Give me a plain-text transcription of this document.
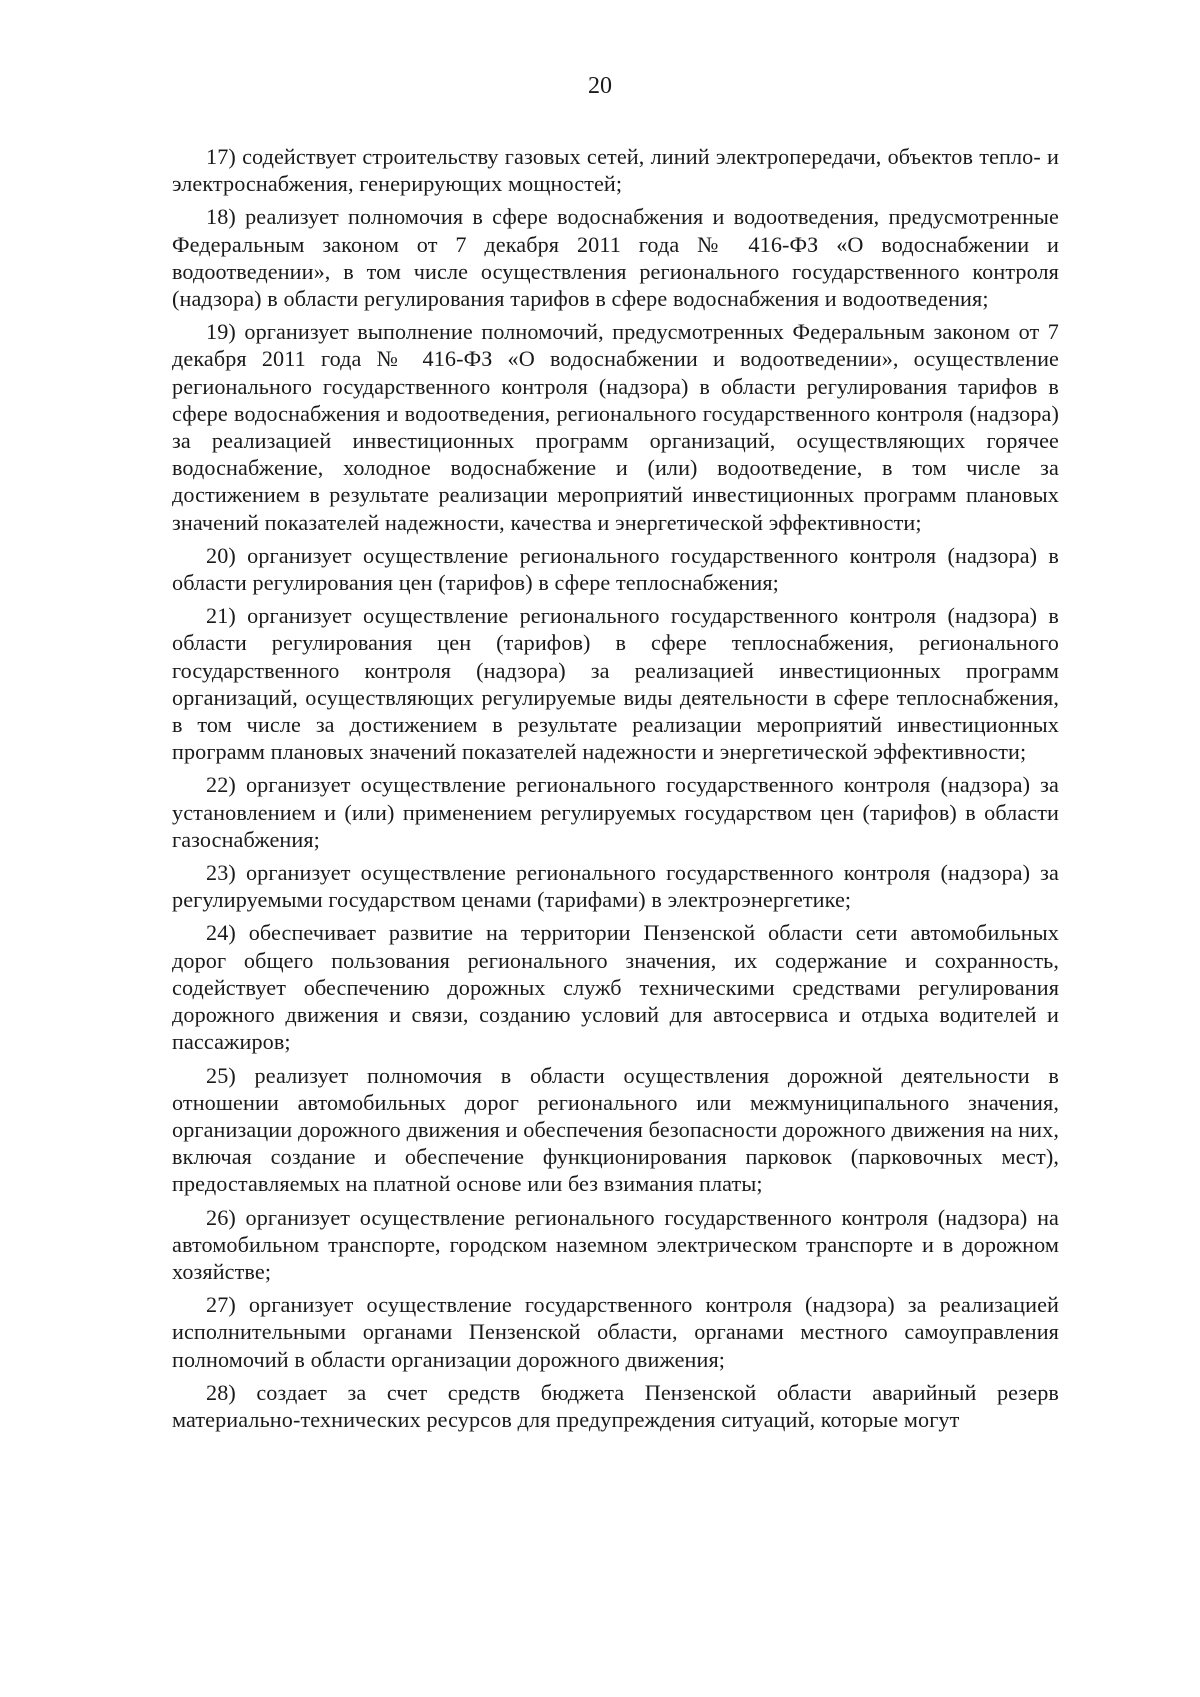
20

17) содействует строительству газовых сетей, линий электропередачи, объектов тепло- и электроснабжения, генерирующих мощностей;

18) реализует полномочия в сфере водоснабжения и водоотведения, предусмотренные Федеральным законом от 7 декабря 2011 года № 416-ФЗ «О водоснабжении и водоотведении», в том числе осуществления регионального государственного контроля (надзора) в области регулирования тарифов в сфере водоснабжения и водоотведения;

19) организует выполнение полномочий, предусмотренных Федеральным законом от 7 декабря 2011 года № 416-ФЗ «О водоснабжении и водоотведении», осуществление регионального государственного контроля (надзора) в области регулирования тарифов в сфере водоснабжения и водоотведения, регионального государственного контроля (надзора) за реализацией инвестиционных программ организаций, осуществляющих горячее водоснабжение, холодное водоснабжение и (или) водоотведение, в том числе за достижением в результате реализации мероприятий инвестиционных программ плановых значений показателей надежности, качества и энергетической эффективности;

20) организует осуществление регионального государственного контроля (надзора) в области регулирования цен (тарифов) в сфере теплоснабжения;

21) организует осуществление регионального государственного контроля (надзора) в области регулирования цен (тарифов) в сфере теплоснабжения, регионального государственного контроля (надзора) за реализацией инвестиционных программ организаций, осуществляющих регулируемые виды деятельности в сфере теплоснабжения, в том числе за достижением в результате реализации мероприятий инвестиционных программ плановых значений показателей надежности и энергетической эффективности;

22) организует осуществление регионального государственного контроля (надзора) за установлением и (или) применением регулируемых государством цен (тарифов) в области газоснабжения;

23) организует осуществление регионального государственного контроля (надзора) за регулируемыми государством ценами (тарифами) в электроэнергетике;

24) обеспечивает развитие на территории Пензенской области сети автомобильных дорог общего пользования регионального значения, их содержание и сохранность, содействует обеспечению дорожных служб техническими средствами регулирования дорожного движения и связи, созданию условий для автосервиса и отдыха водителей и пассажиров;

25) реализует полномочия в области осуществления дорожной деятельности в отношении автомобильных дорог регионального или межмуниципального значения, организации дорожного движения и обеспечения безопасности дорожного движения на них, включая создание и обеспечение функционирования парковок (парковочных мест), предоставляемых на платной основе или без взимания платы;

26) организует осуществление регионального государственного контроля (надзора) на автомобильном транспорте, городском наземном электрическом транспорте и в дорожном хозяйстве;

27) организует осуществление государственного контроля (надзора) за реализацией исполнительными органами Пензенской области, органами местного самоуправления полномочий в области организации дорожного движения;

28) создает за счет средств бюджета Пензенской области аварийный резерв материально-технических ресурсов для предупреждения ситуаций, которые могут
